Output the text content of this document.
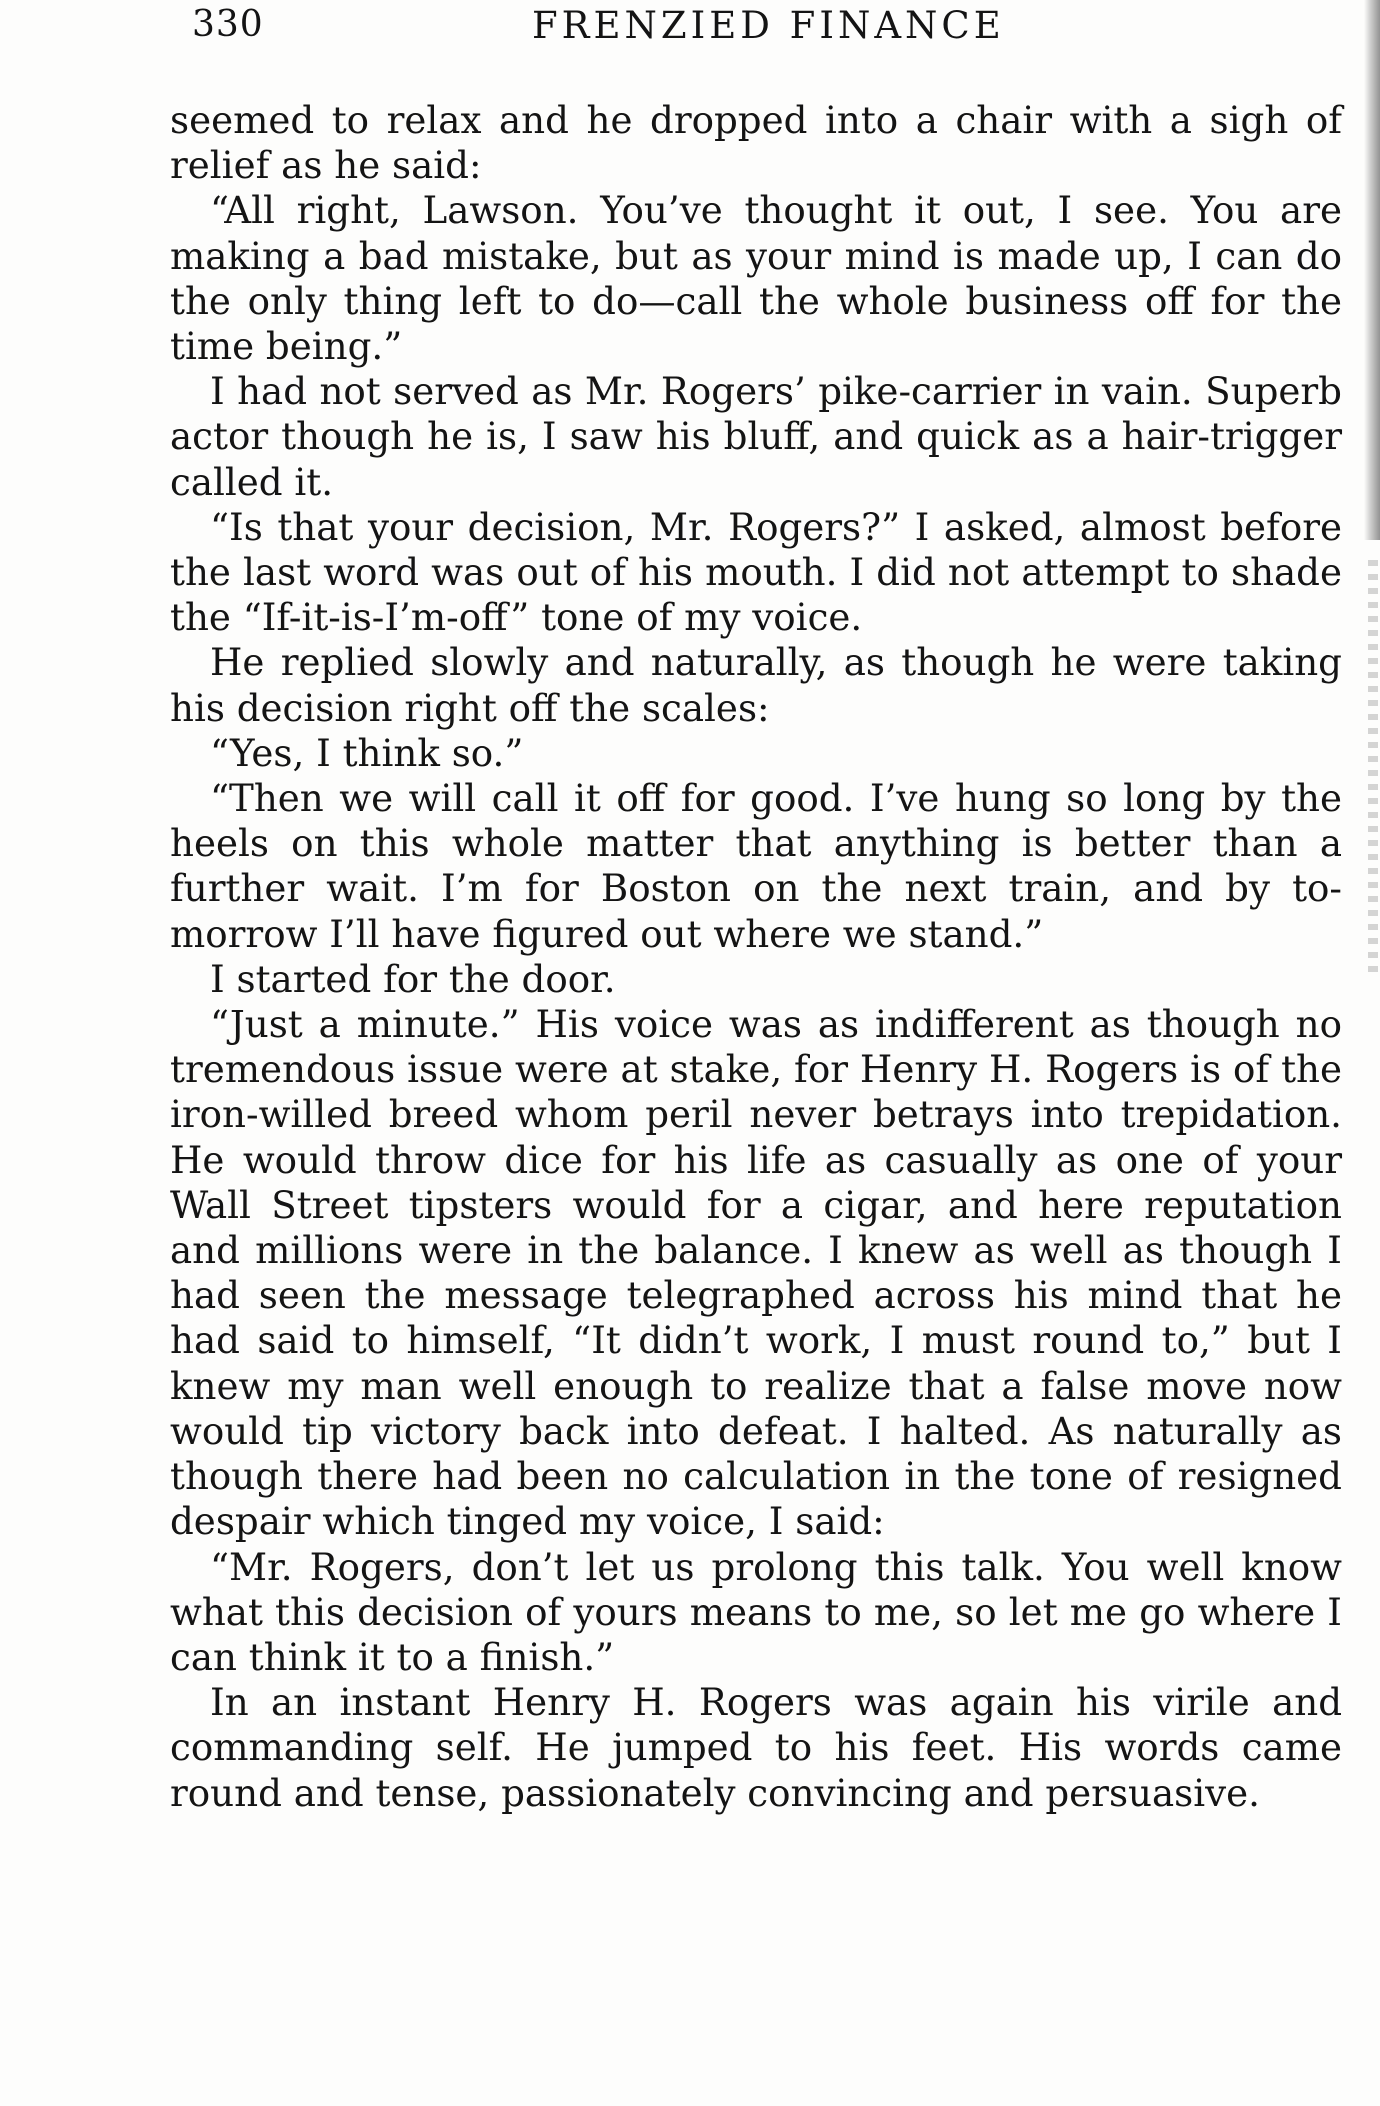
330	FRENZIED FINANCE

seemed to relax and he dropped into a chair with a sigh of relief as he said:

“All right, Lawson. You’ve thought it out, I see. You are making a bad mistake, but as your mind is made up, I can do the only thing left to do—call the whole business off for the time being.”

I had not served as Mr. Rogers’ pike-carrier in vain. Superb actor though he is, I saw his bluff, and quick as a hair-trigger called it.

“Is that your decision, Mr. Rogers?” I asked, almost before the last word was out of his mouth. I did not attempt to shade the “If-it-is-I’m-off” tone of my voice.

He replied slowly and naturally, as though he were taking his decision right off the scales:

“Yes, I think so.”

“Then we will call it off for good. I’ve hung so long by the heels on this whole matter that anything is better than a further wait. I’m for Boston on the next train, and by to-morrow I’ll have figured out where we stand.”

I started for the door.

“Just a minute.” His voice was as indifferent as though no tremendous issue were at stake, for Henry H. Rogers is of the iron-willed breed whom peril never betrays into trepidation. He would throw dice for his life as casually as one of your Wall Street tipsters would for a cigar, and here reputation and millions were in the balance. I knew as well as though I had seen the message telegraphed across his mind that he had said to himself, “It didn’t work, I must round to,” but I knew my man well enough to realize that a false move now would tip victory back into defeat. I halted. As naturally as though there had been no calculation in the tone of resigned despair which tinged my voice, I said:

“Mr. Rogers, don’t let us prolong this talk. You well know what this decision of yours means to me, so let me go where I can think it to a finish.”

In an instant Henry H. Rogers was again his virile and commanding self. He jumped to his feet. His words came round and tense, passionately convincing and persuasive.
